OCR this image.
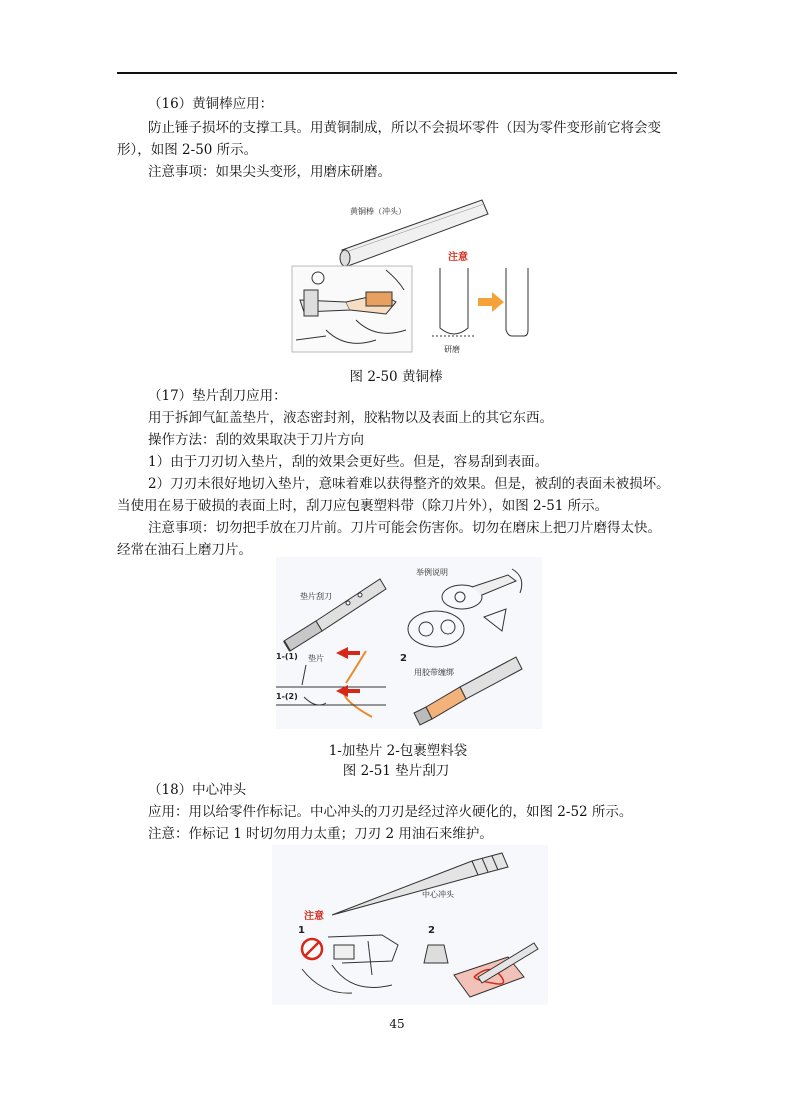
（16）黄铜棒应用：
防止锤子损坏的支撑工具。用黄铜制成，所以不会损坏零件（因为零件变形前它将会变
形），如图 2-50 所示。
注意事项：如果尖头变形，用磨床研磨。
黄铜棒（冲头）
注意
研磨
图 2-50 黄铜棒
（17）垫片刮刀应用：
用于拆卸气缸盖垫片，液态密封剂，胶粘物以及表面上的其它东西。
操作方法：刮的效果取决于刀片方向
1）由于刀刃切入垫片，刮的效果会更好些。但是，容易刮到表面。
2）刀刃未很好地切入垫片，意味着难以获得整齐的效果。但是，被刮的表面未被损坏。
当使用在易于破损的表面上时，刮刀应包裹塑料带（除刀片外），如图 2-51 所示。
注意事项：切勿把手放在刀片前。刀片可能会伤害你。切勿在磨床上把刀片磨得太快。
经常在油石上磨刀片。
垫片刮刀
举例说明
1-(1) 垫片
1-(2)
2
用胶带缠绑
1-加垫片 2-包裹塑料袋
图 2-51 垫片刮刀
（18）中心冲头
应用：用以给零件作标记。中心冲头的刀刃是经过淬火硬化的，如图 2-52 所示。
注意：作标记 1 时切勿用力太重；刀刃 2 用油石来维护。
中心冲头
注意
1	2
45
